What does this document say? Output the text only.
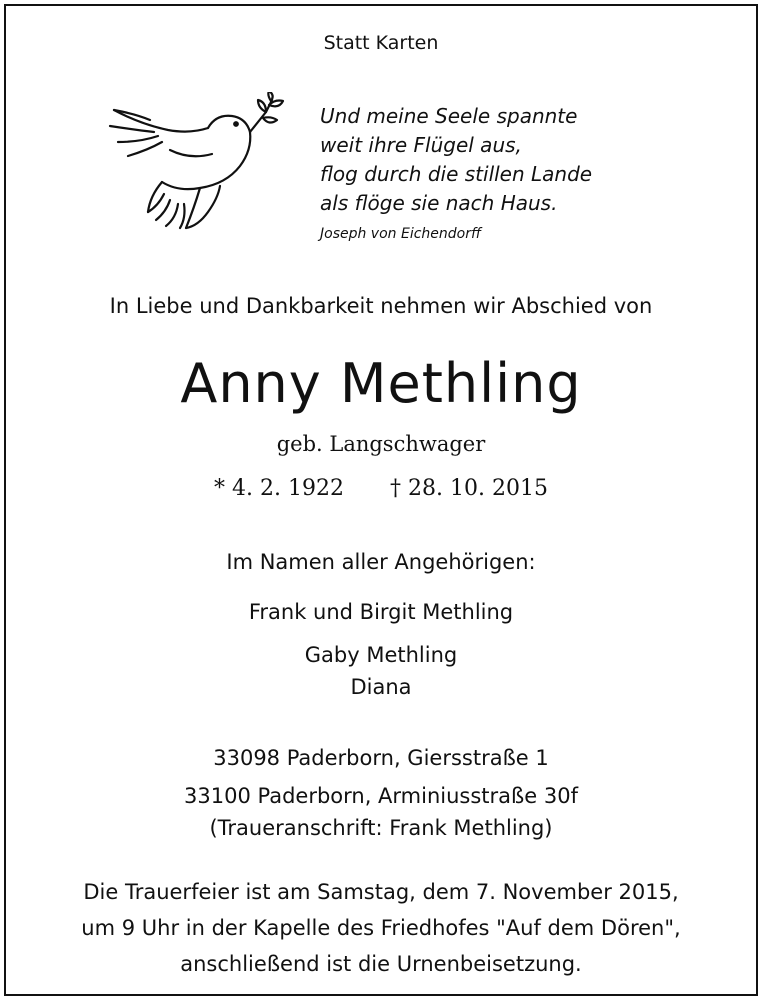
Statt Karten
Und meine Seele spannte
weit ihre Flügel aus,
flog durch die stillen Lande
als flöge sie nach Haus.
Joseph von Eichendorff
In Liebe und Dankbarkeit nehmen wir Abschied von
Anny Methling
geb. Langschwager
* 4. 2. 1922 † 28. 10. 2015
Im Namen aller Angehörigen:
Frank und Birgit Methling
Gaby Methling
Diana
33098 Paderborn, Giersstraße 1
33100 Paderborn, Arminiusstraße 30f
(Traueranschrift: Frank Methling)
Die Trauerfeier ist am Samstag, dem 7. November 2015,
um 9 Uhr in der Kapelle des Friedhofes "Auf dem Dören",
anschließend ist die Urnenbeisetzung.
